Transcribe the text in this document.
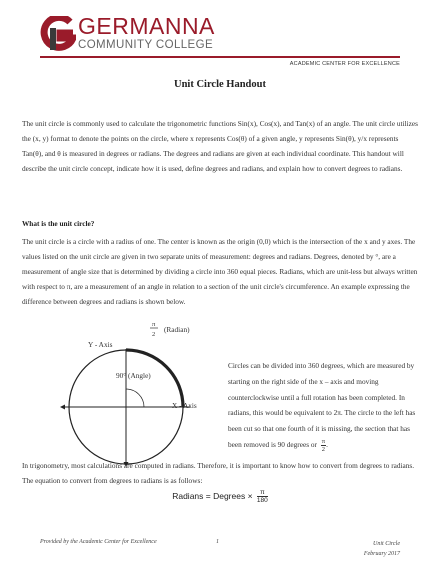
GERMANNA
COMMUNITY COLLEGE
ACADEMIC CENTER FOR EXCELLENCE
Unit Circle Handout
The unit circle is commonly used to calculate the trigonometric functions Sin(x), Cos(x), and Tan(x) of an angle. The unit circle utilizes the (x, y) format to denote the points on the circle, where x represents Cos(θ) of a given angle, y represents Sin(θ), y/x represents Tan(θ), and θ is measured in degrees or radians. The degrees and radians are given at each individual coordinate. This handout will describe the unit circle concept, indicate how it is used, define degrees and radians, and explain how to convert degrees to radians.
What is the unit circle?
The unit circle is a circle with a radius of one. The center is known as the origin (0,0) which is the intersection of the x and y axes. The values listed on the unit circle are given in two separate units of measurement: degrees and radians. Degrees, denoted by °, are a measurement of angle size that is determined by dividing a circle into 360 equal pieces. Radians, which are unit-less but always written with respect to π, are a measurement of an angle in relation to a section of the unit circle's circumference. An example expressing the difference between degrees and radians is shown below.
Y - Axis
X - Axis
90° (Angle)
π
2
(Radian)
Circles can be divided into 360 degrees, which are measured by starting on the right side of the x – axis and moving counterclockwise until a full rotation has been completed. In radians, this would be equivalent to 2π. The circle to the left has been cut so that one fourth of it is missing, the section that has been removed is 90 degrees or $\frac{\pi}{2}$ .
In trigonometry, most calculations are computed in radians. Therefore, it is important to know how to convert from degrees to radians. The equation to convert from degrees to radians is as follows:
Radians = Degrees × $\frac{\pi}{180}$
Provided by the Academic Center for Excellence	1	Unit Circle
February 2017
